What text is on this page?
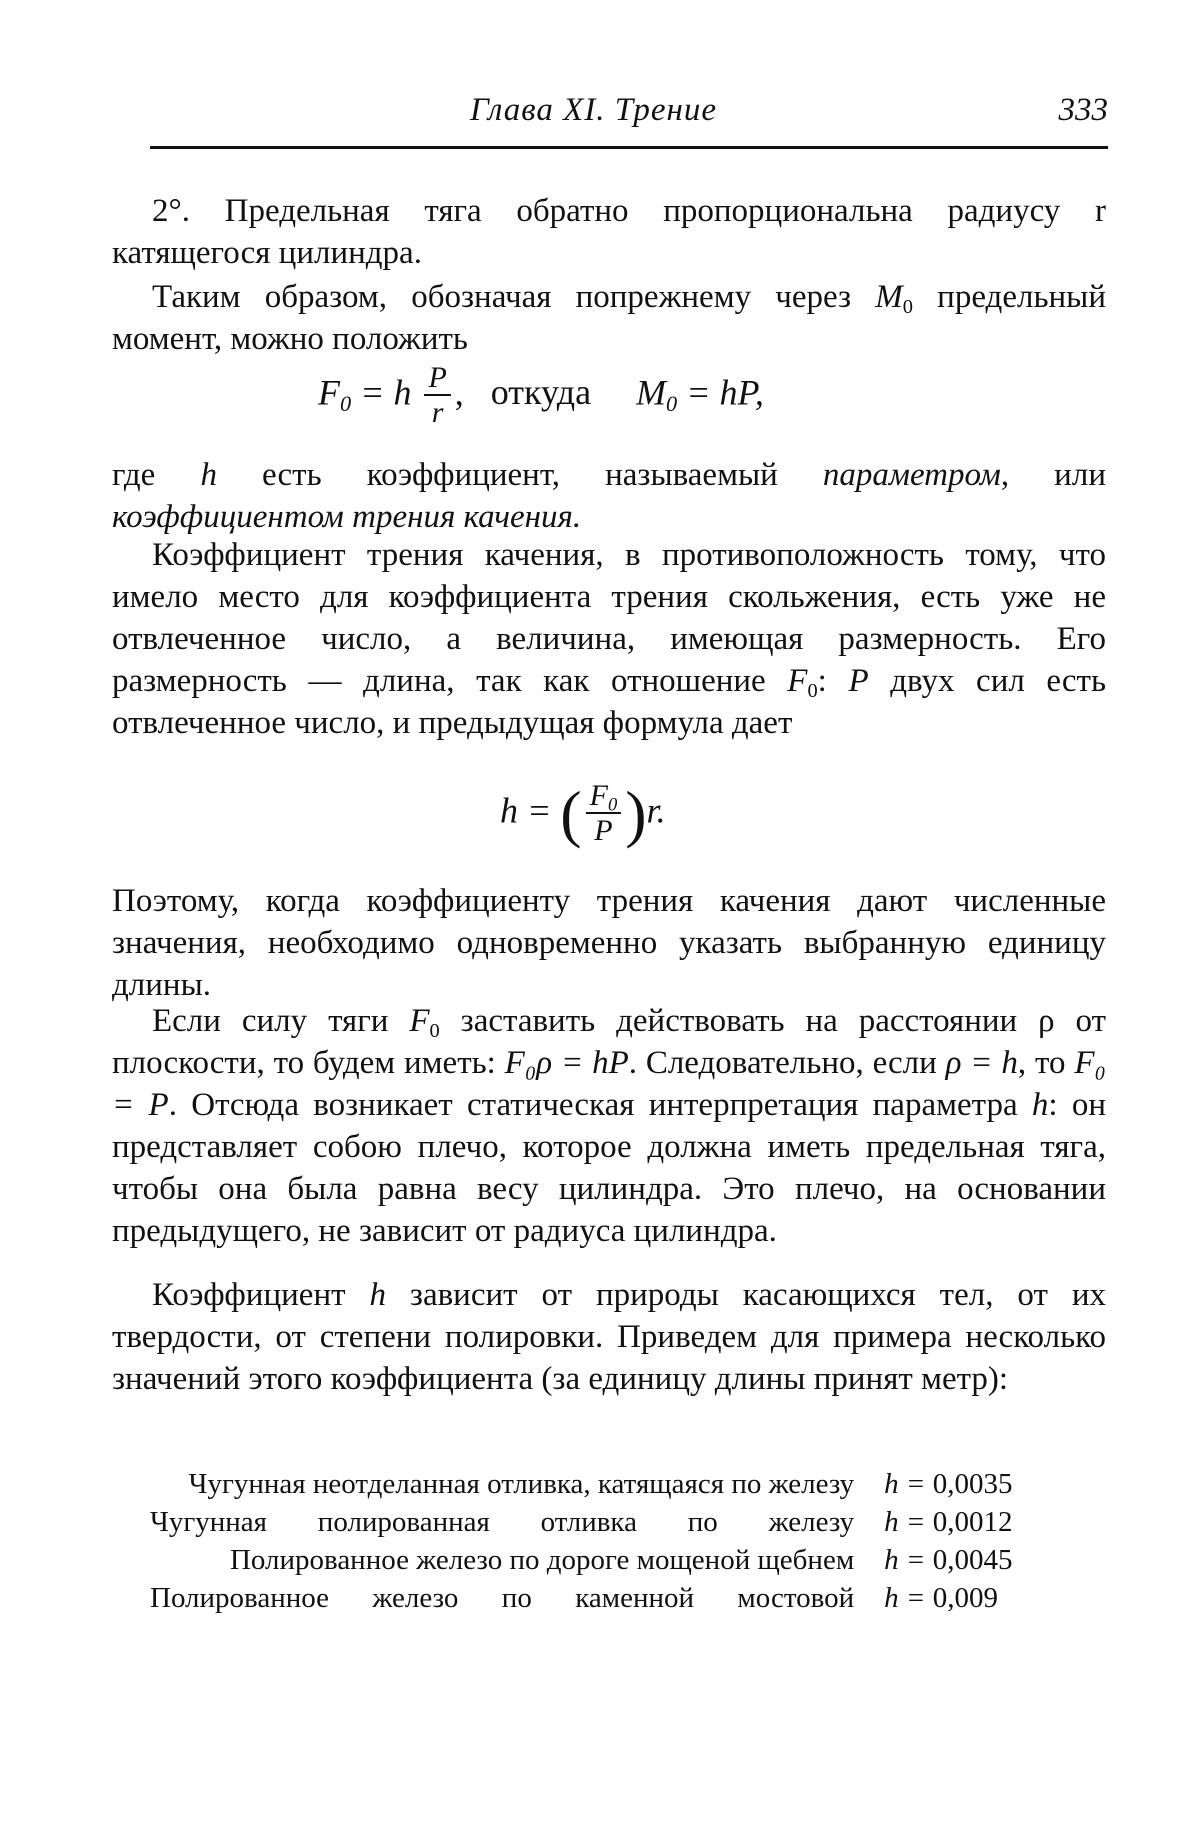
Глава XI. Трение	333
2°. Предельная тяга обратно пропорциональна радиусу r катящегося цилиндра.
Таким образом, обозначая попрежнему через $M_0$ предельный момент, можно положить
$F_0 = h \frac{P}{r}$ , откуда $M_0$ = hP,
где h есть коэффициент, называемый параметром, или коэффициентом трения качения.
Коэффициент трения качения, в противоположность тому, что имело место для коэффициента трения скольжения, есть уже не отвлеченное число, а величина, имеющая размерность. Его размерность — длина, так как отношение $F_0$: P двух сил есть отвлеченное число, и предыдущая формула дает
h = ( $\frac{F_0}{P} )r$.
Поэтому, когда коэффициенту трения качения дают численные значения, необходимо одновременно указать выбранную единицу длины.
Если силу тяги $F_0$ заставить действовать на расстоянии ρ от плоскости, то будем иметь: F₀ρ = hP. Следовательно, если ρ = h, то F₀ = P. Отсюда возникает статическая интерпретация параметра h: он представляет собою плечо, которое должна иметь предельная тяга, чтобы она была равна весу цилиндра. Это плечо, на основании предыдущего, не зависит от радиуса цилиндра.
Коэффициент h зависит от природы касающихся тел, от их твердости, от степени полировки. Приведем для примера несколько значений этого коэффициента (за единицу длины принят метр):
Чугунная неотделанная отливка, катящаяся по железу	h = 0,0035
Чугунная полированная отливка по железу	h = 0,0012
Полированное железо по дороге мощеной щебнем	h = 0,0045
Полированное железо по каменной мостовой	h = 0,009
